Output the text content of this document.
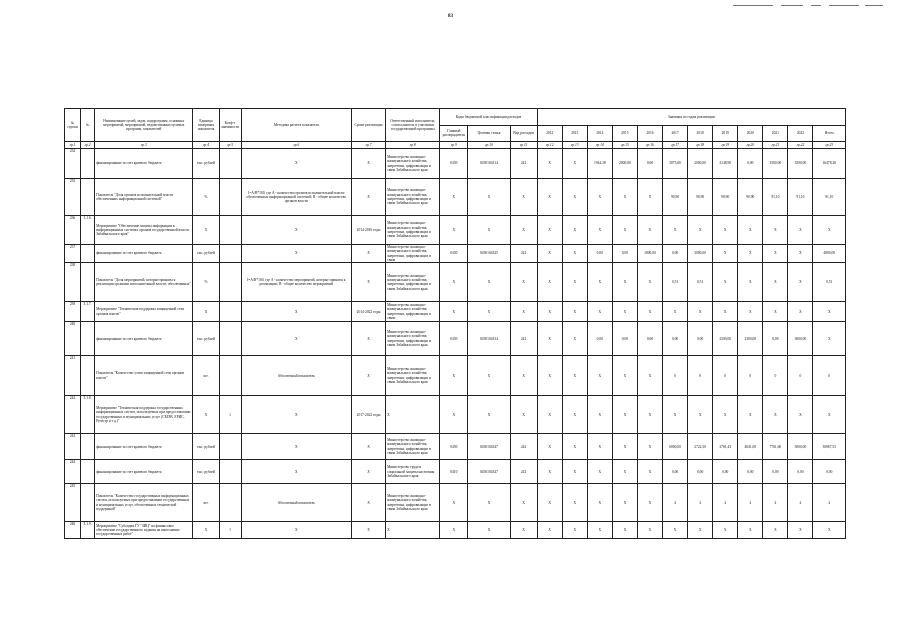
83
№ строки	№	Наименование целей, задач, подпрограмм, основных мероприятий, мероприятий, ведомственных целевых программ, показателей	Единица измерения показателя	Коэф-т значимости	Методика расчета показателя	Сроки реализации	Ответственный исполнитель, соисполнитель и участники государственной программы	Коды бюджетной классификации расходов			Значения по годам реализации											
								Главный распорядитель	Целевая статья	Вид расходов	2012	2013	2014	2015	2016	2017	2018	2019	2020	2021	2022	Итого
гр.1	гр.2	гр.3	гр.4	гр.5	гр.6	гр.7	гр.8	гр.9	гр.10	гр.11	гр.12	гр.13	гр.14	гр.15	гр.16	гр.17	гр.18	гр.19	гр.20	гр.21	гр.22	гр.23
234		финансирование за счет краевого бюджета	тыс. рублей		X	X	Министерство жилищно-коммунального хозяйства, энергетики, цифровизации и связи Забайкальского края	0450	0450104314	242	X	X	1944,38	2000,00	0,00	3075,00	2000,00	2148,90	0,00	3500,00	3500,00	16478,28
235		Показатель "Доля органов исполнительной власти обеспеченных информационной системой"	%		I=A/B*100, где A - количество органов исполнительной власти обеспеченных информационной системой; B - общее количество органов власти	X	Министерство жилищно-коммунального хозяйства, энергетики, цифровизации и связи Забайкальского края	X	X	X	X	X	X	X	X	90,90	90,90	90,90	90,90	91,10	91,10	91,10
236	3.1.6.	Мероприятие "Обеспечение защиты информации в информационных системах органов государственной власти Забайкальского края"	X		X	2014-2016 годы	Министерство жилищно-коммунального хозяйства, энергетики, цифровизации и связи Забайкальского края	X	X	X	X	X	X	X	X	X	X	X	X	X	X	X
237		финансирование за счет краевого бюджета	тыс. рублей		X	X	Министерство жилищно-коммунального хозяйства, энергетики, цифровизации и связи	0450	0450104325	242	X	X	0,00	0,00	1800,00	0,00	3000,00	X	X	X	X	4800,00
238		Показатель "Доля мероприятий, которые приняты к реализации органами исполнительной власти, обеспеченных"	%		I=A/B*100, где A - количество мероприятий, которые приняты к реализации; B - общее количество мероприятий	X	Министерство жилищно-коммунального хозяйства, энергетики, цифровизации и связи Забайкальского края	X	X	X	X	X	X	X	X	0,51	0,51	X	X	X	X	0,51
239	3.1.7.	Мероприятие "Техническая поддержка защищенной сети органов власти"	X		X	2014-2022 годы	Министерство жилищно-коммунального хозяйства, энергетики, цифровизации и связи	X	X	X	X	X	X	X	X	X	X	X	X	X	X	X
240		финансирование за счет краевого бюджета	тыс. рублей		X	X	Министерство жилищно-коммунального хозяйства, энергетики, цифровизации и связи Забайкальского края	0450	0450104334	242	X	X	0,00	0,00	0,00	0,00	0,00	2300,00	2300,00	0,00	3000,00	X
241		Показатель "Количество узлов защищенной сети органов власти"	шт.		Абсолютный показатель	X	Министерство жилищно-коммунального хозяйства, энергетики, цифровизации и связи Забайкальского края	X	X	X	X	X	X	X	X	0	0	0	0	0	0	0
242	3.1.8.	Мероприятие "Техническая поддержка государственных информационных систем, используемых при предоставлении государственных и муниципальных услуг (СМЭВ, ЕРИС, Регистр и т.д.)"	X	1	X	2017-2022 годы	X	X	X	X	X	X	X	X	X	X	X	X	X	X	X	X
243		финансирование за счет краевого бюджета	тыс. рублей		X	X	Министерство жилищно-коммунального хозяйства, энергетики, цифровизации и связи Забайкальского края	0450	0450104347	242	X	X	X	X	X	6000,00	2722,50	3781,43	4041,00	7761,60	5000,00	30867,53
244		финансирование за счет краевого бюджета	тыс. рублей		X	X	Министерство труда и социальной защиты населения Забайкальского края	0410	0450104347	242	X	X	X	X	X	0,00	0,00	0,00	0,00	0,00	0,00	0,00
245		Показатель "Количество государственных информационных систем, используемых при предоставлении государственных и муниципальных услуг, обеспеченных технической поддержкой"	шт.		Абсолютный показатель	X	Министерство жилищно-коммунального хозяйства, энергетики, цифровизации и связи Забайкальского края	X	X	X	X	X	X	X	X	4	4	4	4	4	4	4
246	3.1.9.	Мероприятие "Субсидия ГУ "ЗИЦ" на финансовое обеспечение государственного задания на выполнение государственных работ"	X	1	X	X	X	X	X	X	X	X	X	X	X	X	X	X	X	X	X	X
